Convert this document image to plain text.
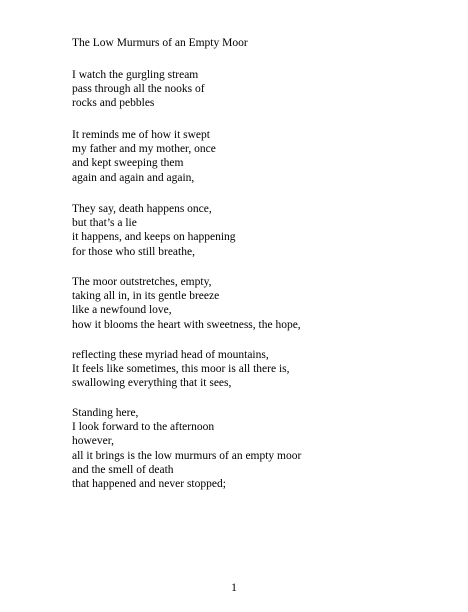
The Low Murmurs of an Empty Moor
I watch the gurgling stream
pass through all the nooks of
rocks and pebbles
It reminds me of how it swept
my father and my mother, once
and kept sweeping them
again and again and again,
They say, death happens once,
but that’s a lie
it happens, and keeps on happening
for those who still breathe,
The moor outstretches, empty,
taking all in, in its gentle breeze
like a newfound love,
how it blooms the heart with sweetness, the hope,
reflecting these myriad head of mountains,
It feels like sometimes, this moor is all there is,
swallowing everything that it sees,
Standing here,
I look forward to the afternoon
however,
all it brings is the low murmurs of an empty moor
and the smell of death
that happened and never stopped;
1
